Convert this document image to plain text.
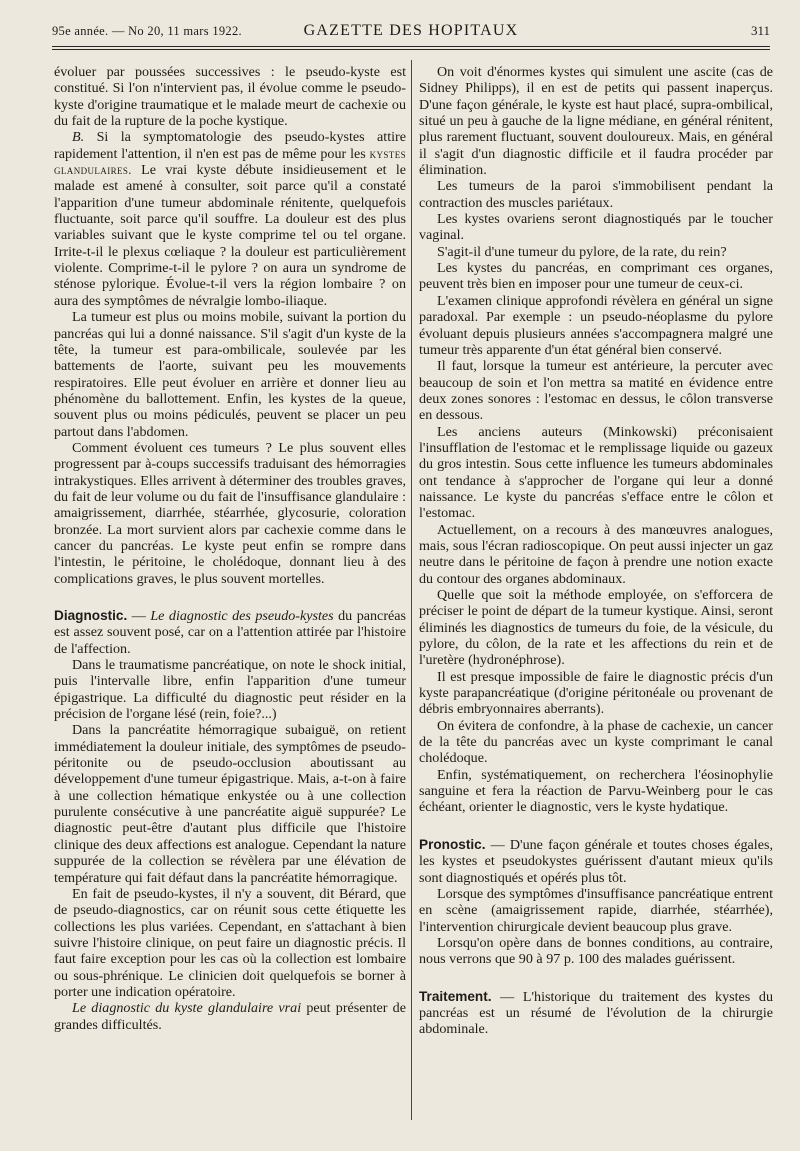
95e année. — No 20, 11 mars 1922.	GAZETTE DES HOPITAUX	311

évoluer par poussées successives : le pseudo-kyste est constitué. Si l'on n'intervient pas, il évolue comme le pseudo-kyste d'origine traumatique et le malade meurt de cachexie ou du fait de la rupture de la poche kystique.

B. Si la symptomatologie des pseudo-kystes attire rapidement l'attention, il n'en est pas de même pour les kystes glandulaires. Le vrai kyste débute insidieusement et le malade est amené à consulter, soit parce qu'il a constaté l'apparition d'une tumeur abdominale rénitente, quelquefois fluctuante, soit parce qu'il souffre. La douleur est des plus variables suivant que le kyste comprime tel ou tel organe. Irrite-t-il le plexus cœliaque ? la douleur est particulièrement violente. Comprime-t-il le pylore ? on aura un syndrome de sténose pylorique. Évolue-t-il vers la région lombaire ? on aura des symptômes de névralgie lombo-iliaque.

La tumeur est plus ou moins mobile, suivant la portion du pancréas qui lui a donné naissance. S'il s'agit d'un kyste de la tête, la tumeur est para-ombilicale, soulevée par les battements de l'aorte, suivant peu les mouvements respiratoires. Elle peut évoluer en arrière et donner lieu au phénomène du ballottement. Enfin, les kystes de la queue, souvent plus ou moins pédiculés, peuvent se placer un peu partout dans l'abdomen.

Comment évoluent ces tumeurs ? Le plus souvent elles progressent par à-coups successifs traduisant des hémorragies intrakystiques. Elles arrivent à déterminer des troubles graves, du fait de leur volume ou du fait de l'insuffisance glandulaire : amaigrissement, diarrhée, stéarrhée, glycosurie, coloration bronzée. La mort survient alors par cachexie comme dans le cancer du pancréas. Le kyste peut enfin se rompre dans l'intestin, le péritoine, le cholédoque, donnant lieu à des complications graves, le plus souvent mortelles.

Diagnostic. — Le diagnostic des pseudo-kystes du pancréas est assez souvent posé, car on a l'attention attirée par l'histoire de l'affection.

Dans le traumatisme pancréatique, on note le shock initial, puis l'intervalle libre, enfin l'apparition d'une tumeur épigastrique. La difficulté du diagnostic peut résider en la précision de l'organe lésé (rein, foie?...)

Dans la pancréatite hémorragique subaiguë, on retient immédiatement la douleur initiale, des symptômes de pseudo-péritonite ou de pseudo-occlusion aboutissant au développement d'une tumeur épigastrique. Mais, a-t-on à faire à une collection hématique enkystée ou à une collection purulente consécutive à une pancréatite aiguë suppurée? Le diagnostic peut-être d'autant plus difficile que l'histoire clinique des deux affections est analogue. Cependant la nature suppurée de la collection se révèlera par une élévation de température qui fait défaut dans la pancréatite hémorragique.

En fait de pseudo-kystes, il n'y a souvent, dit Bérard, que de pseudo-diagnostics, car on réunit sous cette étiquette les collections les plus variées. Cependant, en s'attachant à bien suivre l'histoire clinique, on peut faire un diagnostic précis. Il faut faire exception pour les cas où la collection est lombaire ou sous-phrénique. Le clinicien doit quelquefois se borner à porter une indication opératoire.

Le diagnostic du kyste glandulaire vrai peut présenter de grandes difficultés.

On voit d'énormes kystes qui simulent une ascite (cas de Sidney Philipps), il en est de petits qui passent inaperçus. D'une façon générale, le kyste est haut placé, supra-ombilical, situé un peu à gauche de la ligne médiane, en général rénitent, plus rarement fluctuant, souvent douloureux. Mais, en général il s'agit d'un diagnostic difficile et il faudra procéder par élimination.

Les tumeurs de la paroi s'immobilisent pendant la contraction des muscles pariétaux.

Les kystes ovariens seront diagnostiqués par le toucher vaginal.

S'agit-il d'une tumeur du pylore, de la rate, du rein?

Les kystes du pancréas, en comprimant ces organes, peuvent très bien en imposer pour une tumeur de ceux-ci.

L'examen clinique approfondi révèlera en général un signe paradoxal. Par exemple : un pseudo-néoplasme du pylore évoluant depuis plusieurs années s'accompagnera malgré une tumeur très apparente d'un état général bien conservé.

Il faut, lorsque la tumeur est antérieure, la percuter avec beaucoup de soin et l'on mettra sa matité en évidence entre deux zones sonores : l'estomac en dessus, le côlon transverse en dessous.

Les anciens auteurs (Minkowski) préconisaient l'insufflation de l'estomac et le remplissage liquide ou gazeux du gros intestin. Sous cette influence les tumeurs abdominales ont tendance à s'approcher de l'organe qui leur a donné naissance. Le kyste du pancréas s'efface entre le côlon et l'estomac.

Actuellement, on a recours à des manœuvres analogues, mais, sous l'écran radioscopique. On peut aussi injecter un gaz neutre dans le péritoine de façon à prendre une notion exacte du contour des organes abdominaux.

Quelle que soit la méthode employée, on s'efforcera de préciser le point de départ de la tumeur kystique. Ainsi, seront éliminés les diagnostics de tumeurs du foie, de la vésicule, du pylore, du côlon, de la rate et les affections du rein et de l'uretère (hydronéphrose).

Il est presque impossible de faire le diagnostic précis d'un kyste parapancréatique (d'origine péritonéale ou provenant de débris embryonnaires aberrants).

On évitera de confondre, à la phase de cachexie, un cancer de la tête du pancréas avec un kyste comprimant le canal cholédoque.

Enfin, systématiquement, on recherchera l'éosinophylie sanguine et fera la réaction de Parvu-Weinberg pour le cas échéant, orienter le diagnostic, vers le kyste hydatique.

Pronostic. — D'une façon générale et toutes choses égales, les kystes et pseudokystes guérissent d'autant mieux qu'ils sont diagnostiqués et opérés plus tôt.

Lorsque des symptômes d'insuffisance pancréatique entrent en scène (amaigrissement rapide, diarrhée, stéarrhée), l'intervention chirurgicale devient beaucoup plus grave.

Lorsqu'on opère dans de bonnes conditions, au contraire, nous verrons que 90 à 97 p. 100 des malades guérissent.

Traitement. — L'historique du traitement des kystes du pancréas est un résumé de l'évolution de la chirurgie abdominale.
